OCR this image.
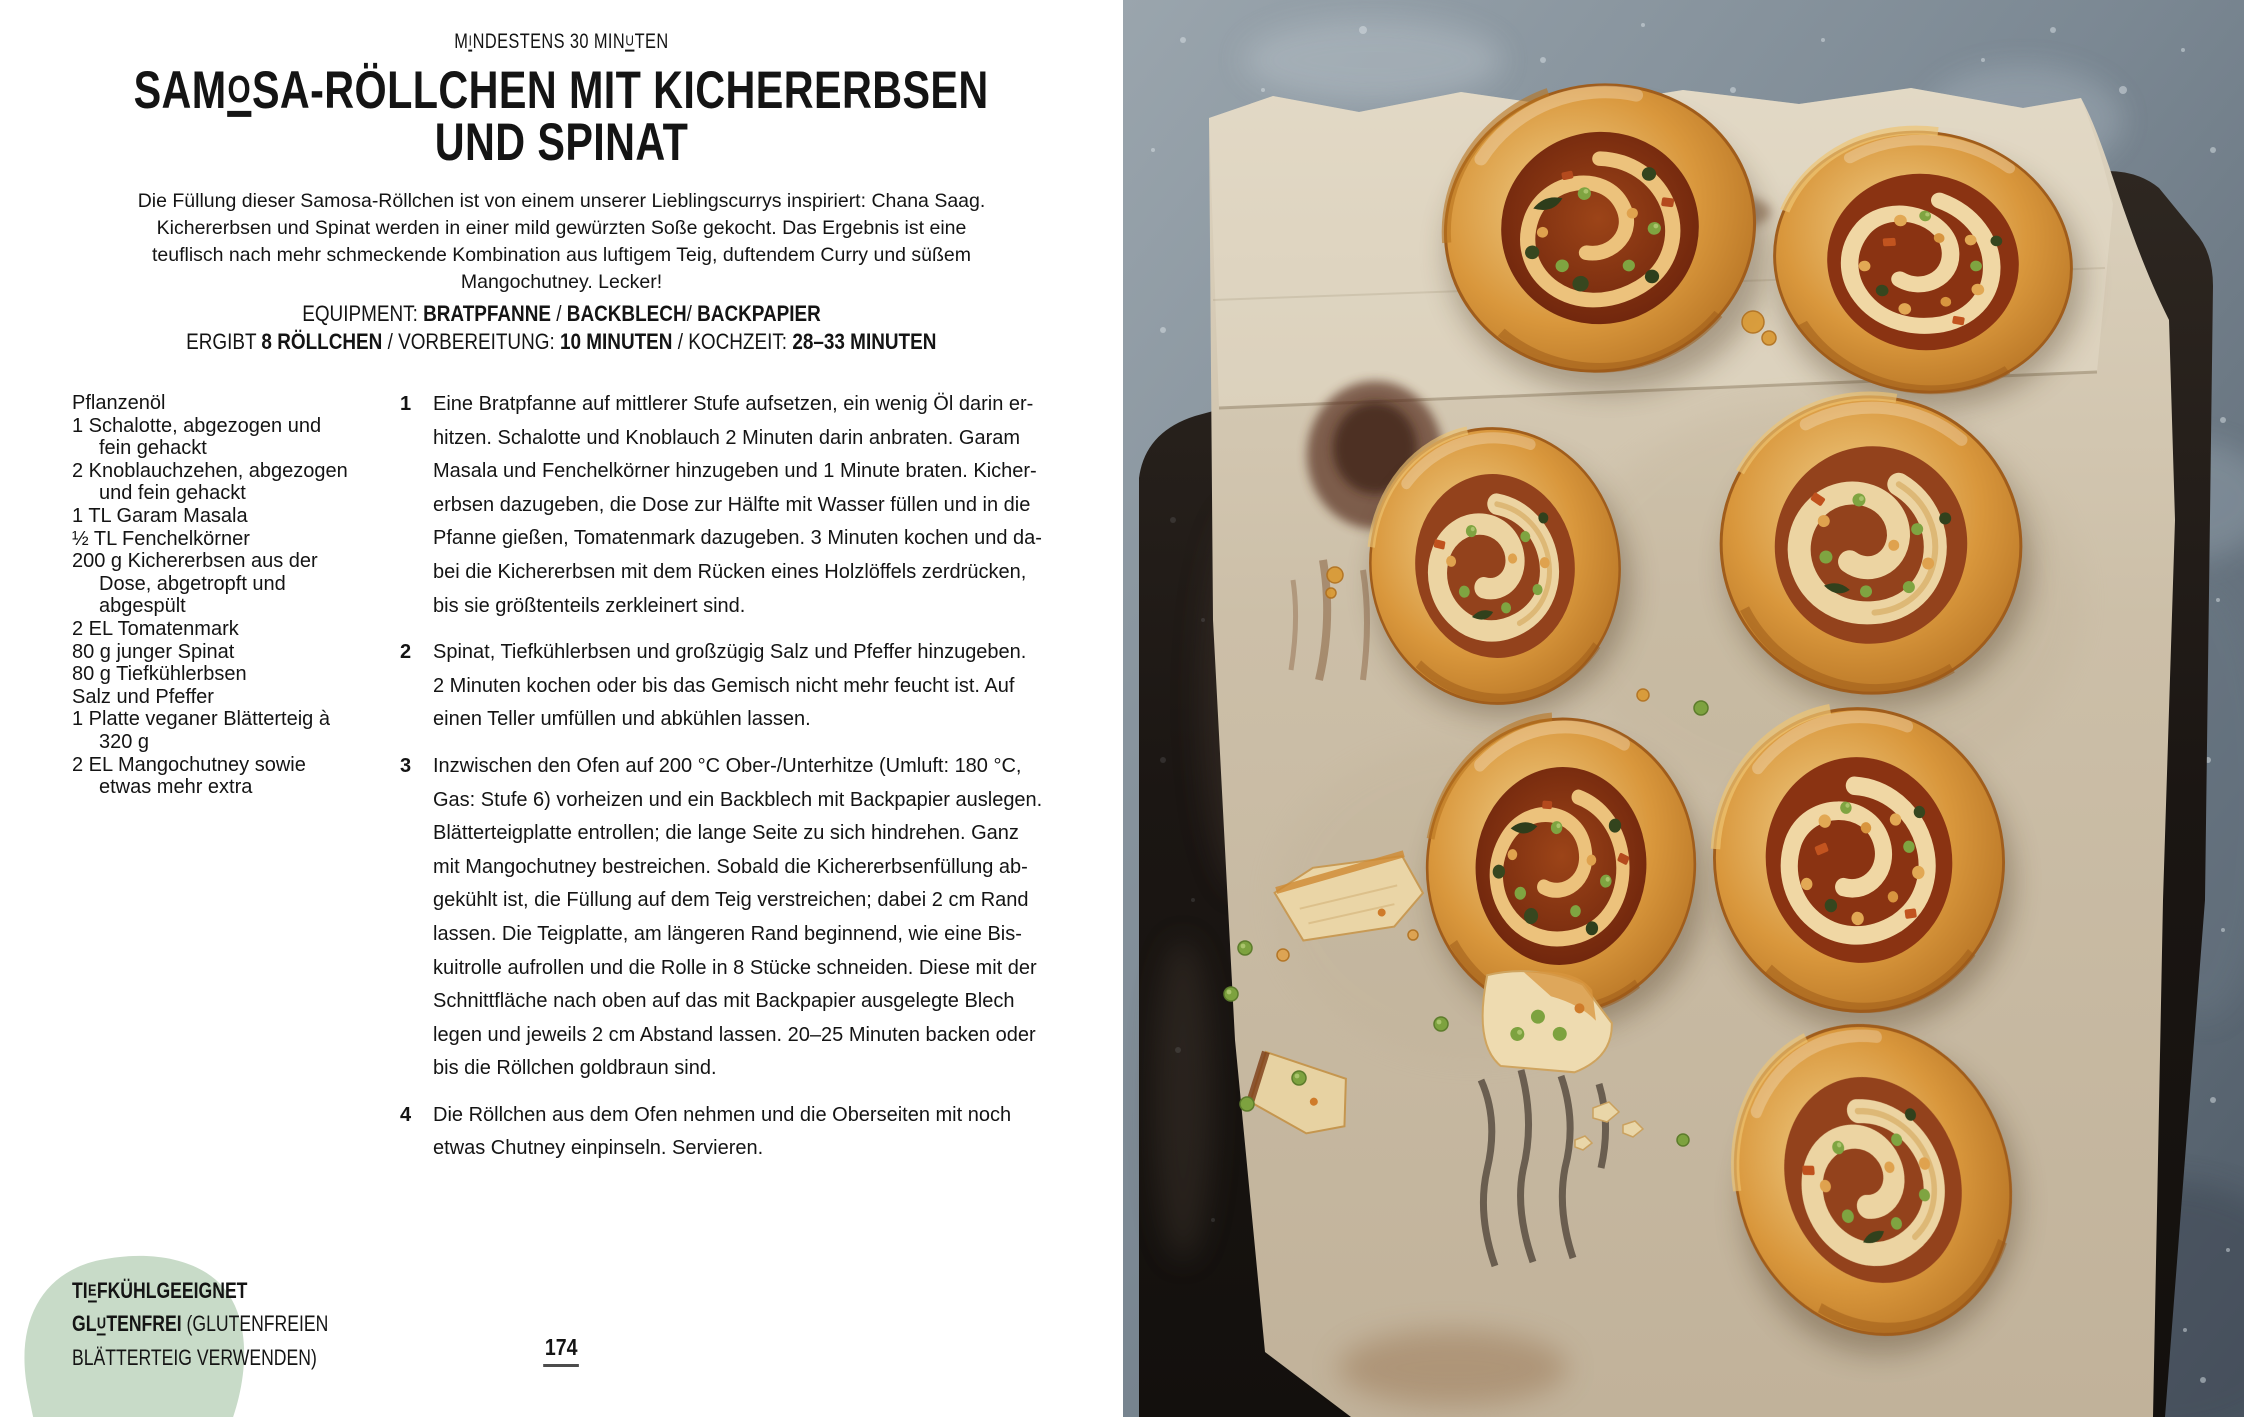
MINDESTENS 30 MINUTEN
SAMOSA-RÖLLCHEN MIT KICHERERBSEN
UND SPINAT
Die Füllung dieser Samosa-Röllchen ist von einem unserer Lieblingscurrys inspiriert: Chana Saag.
Kichererbsen und Spinat werden in einer mild gewürzten Soße gekocht. Das Ergebnis ist eine
teuflisch nach mehr schmeckende Kombination aus luftigem Teig, duftendem Curry und süßem
Mangochutney. Lecker!
EQUIPMENT: BRATPFANNE / BACKBLECH/ BACKPAPIER
ERGIBT 8 RÖLLCHEN / VORBEREITUNG: 10 MINUTEN / KOCHZEIT: 28–33 MINUTEN
Pflanzenöl
1 Schalotte, abgezogen und
fein gehackt
2 Knoblauchzehen, abgezogen
und fein gehackt
1 TL Garam Masala
½ TL Fenchelkörner
200 g Kichererbsen aus der
Dose, abgetropft und
abgespült
2 EL Tomatenmark
80 g junger Spinat
80 g Tiefkühlerbsen
Salz und Pfeffer
1 Platte veganer Blätterteig à
320 g
2 EL Mangochutney sowie
etwas mehr extra
1	Eine Bratpfanne auf mittlerer Stufe aufsetzen, ein wenig Öl darin er-
hitzen. Schalotte und Knoblauch 2 Minuten darin anbraten. Garam
Masala und Fenchelkörner hinzugeben und 1 Minute braten. Kicher-
erbsen dazugeben, die Dose zur Hälfte mit Wasser füllen und in die
Pfanne gießen, Tomatenmark dazugeben. 3 Minuten kochen und da-
bei die Kichererbsen mit dem Rücken eines Holzlöffels zerdrücken,
bis sie größtenteils zerkleinert sind.
2	Spinat, Tiefkühlerbsen und großzügig Salz und Pfeffer hinzugeben.
2 Minuten kochen oder bis das Gemisch nicht mehr feucht ist. Auf
einen Teller umfüllen und abkühlen lassen.
3	Inzwischen den Ofen auf 200 °C Ober-/Unterhitze (Umluft: 180 °C,
Gas: Stufe 6) vorheizen und ein Backblech mit Backpapier auslegen.
Blätterteigplatte entrollen; die lange Seite zu sich hindrehen. Ganz
mit Mangochutney bestreichen. Sobald die Kichererbsenfüllung ab-
gekühlt ist, die Füllung auf dem Teig verstreichen; dabei 2 cm Rand
lassen. Die Teigplatte, am längeren Rand beginnend, wie eine Bis-
kuitrolle aufrollen und die Rolle in 8 Stücke schneiden. Diese mit der
Schnittfläche nach oben auf das mit Backpapier ausgelegte Blech
legen und jeweils 2 cm Abstand lassen. 20–25 Minuten backen oder
bis die Röllchen goldbraun sind.
4	Die Röllchen aus dem Ofen nehmen und die Oberseiten mit noch
etwas Chutney einpinseln. Servieren.
TIEFKÜHLGEEIGNET
GLUTENFREI (GLUTENFREIEN
BLÄTTERTEIG VERWENDEN)	174
